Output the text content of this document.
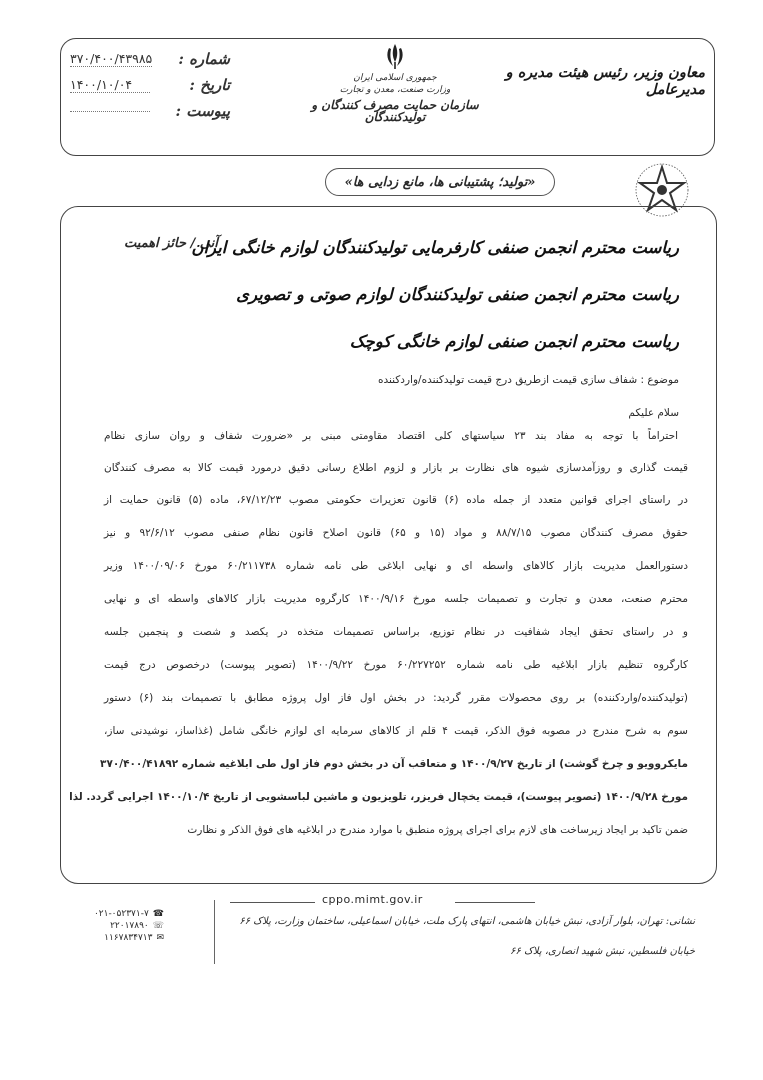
شماره :
۳۷۰/۴۰۰/۴۳۹۸۵
تاریخ :
۱۴۰۰/۱۰/۰۴
پیوست :
جمهوری اسلامی ایران
وزارت صنعت، معدن و تجارت
سازمان حمایت مصرف کنندگان و تولیدکنندگان
معاون وزیر، رئیس هیئت مدیره و مدیرعامل
«تولید؛ پشتیبانی ها، مانع زدایی ها»
آنی / حائز اهمیت
ریاست محترم انجمن صنفی کارفرمایی تولیدکنندگان لوازم خانگی ایران
ریاست محترم انجمن صنفی تولیدکنندگان لوازم صوتی و تصویری
ریاست محترم انجمن صنفی لوازم خانگی کوچک
موضوع : شفاف سازی قیمت ازطریق درج قیمت تولیدکننده/واردکننده
سلام علیکم
احتراماً با توجه به مفاد بند ۲۳ سیاستهای کلی اقتصاد مقاومتی مبنی بر «ضرورت شفاف و روان سازی نظام
قیمت گذاری و روزآمدسازی شیوه های نظارت بر بازار و لزوم اطلاع رسانی دقیق درمورد قیمت کالا به مصرف کنندگان
در راستای اجرای قوانین متعدد از جمله ماده (۶) قانون تعزیرات حکومتی مصوب ۶۷/۱۲/۲۳، ماده (۵) قانون حمایت از
حقوق مصرف کنندگان مصوب ۸۸/۷/۱۵ و مواد (۱۵ و ۶۵) قانون اصلاح قانون نظام صنفی مصوب ۹۲/۶/۱۲ و نیز
دستورالعمل مدیریت بازار کالاهای واسطه ای و نهایی ابلاغی طی نامه شماره ۶۰/۲۱۱۷۳۸ مورخ ۱۴۰۰/۰۹/۰۶ وزیر
محترم صنعت، معدن و تجارت و تصمیمات جلسه مورخ ۱۴۰۰/۹/۱۶ کارگروه مدیریت بازار کالاهای واسطه ای و نهایی
و در راستای تحقق ایجاد شفافیت در نظام توزیع، براساس تصمیمات متخذه در یکصد و شصت و پنجمین جلسه
کارگروه تنظیم بازار ابلاغیه طی نامه شماره ۶۰/۲۲۷۲۵۲ مورخ ۱۴۰۰/۹/۲۲ (تصویر پیوست) درخصوص درج قیمت
(تولیدکننده/واردکننده) بر روی محصولات مقرر گردید: در بخش اول فاز اول پروژه مطابق با تصمیمات بند (۶) دستور
سوم به شرح مندرج در مصوبه فوق الذکر، قیمت ۴ قلم از کالاهای سرمایه ای لوازم خانگی شامل (غذاساز، نوشیدنی ساز،
مایکروویو و چرخ گوشت) از تاریخ ۱۴۰۰/۹/۲۷ و متعاقب آن در بخش دوم فاز اول طی ابلاغیه شماره ۳۷۰/۴۰۰/۴۱۸۹۲
مورخ ۱۴۰۰/۹/۲۸ (تصویر پیوست)، قیمت یخچال فریزر، تلویزیون و ماشین لباسشویی از تاریخ ۱۴۰۰/۱۰/۴ اجرایی گردد. لذا
ضمن تاکید بر ایجاد زیرساخت های لازم برای اجرای پروژه منطبق با موارد مندرج در ابلاغیه های فوق الذکر و نظارت
cppo.mimt.gov.ir
۰۲۱-۰۵۲۳۷۱-۷ ☎
۲۲۰۱۷۸۹۰ ☏
۱۱۶۷۸۳۴۷۱۳ ✉
نشانی: تهران، بلوار آزادی، نبش خیابان هاشمی، انتهای پارک ملت، خیابان اسماعیلی، ساختمان وزارت، پلاک ۶۶
خیابان فلسطین، نبش شهید انصاری، پلاک ۶۶
